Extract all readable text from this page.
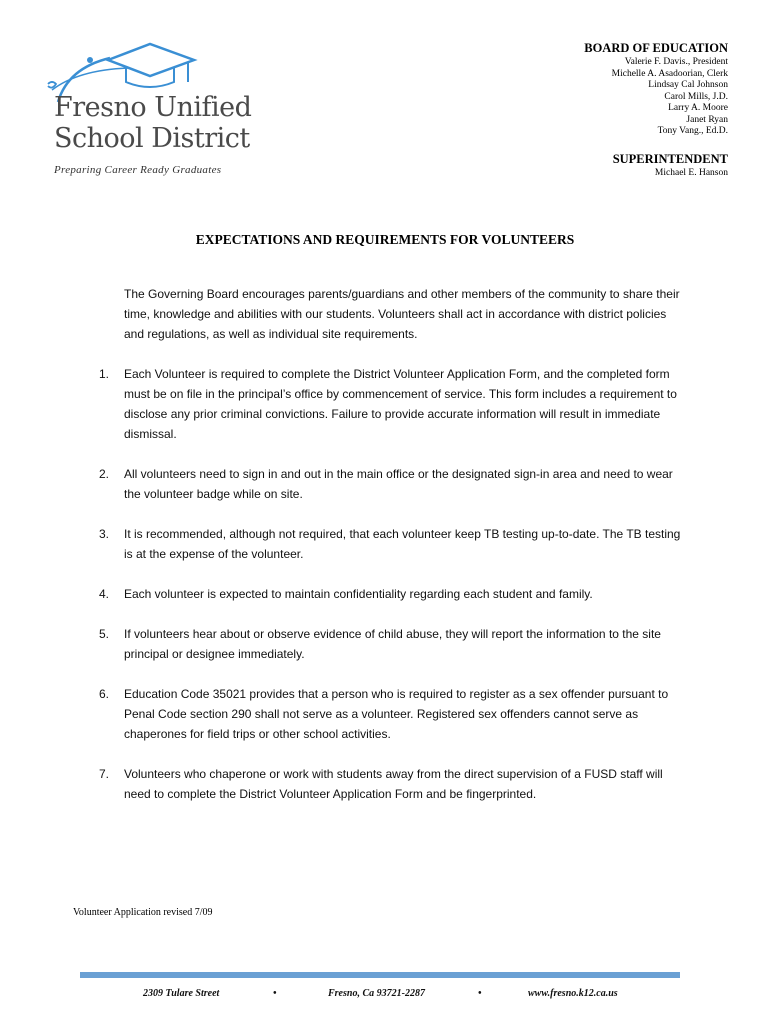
Fresno Unified
School District
Preparing Career Ready Graduates
BOARD OF EDUCATION
Valerie F. Davis., President
Michelle A. Asadoorian, Clerk
Lindsay Cal Johnson
Carol Mills, J.D.
Larry A. Moore
Janet Ryan
Tony Vang., Ed.D.
SUPERINTENDENT
Michael E. Hanson
EXPECTATIONS AND REQUIREMENTS FOR VOLUNTEERS

The Governing Board encourages parents/guardians and other members of the community to share their time, knowledge and abilities with our students. Volunteers shall act in accordance with district policies and regulations, as well as individual site requirements.

1. Each Volunteer is required to complete the District Volunteer Application Form, and the completed form must be on file in the principal’s office by commencement of service. This form includes a requirement to disclose any prior criminal convictions. Failure to provide accurate information will result in immediate dismissal.
2. All volunteers need to sign in and out in the main office or the designated sign-in area and need to wear the volunteer badge while on site.
3. It is recommended, although not required, that each volunteer keep TB testing up-to-date. The TB testing is at the expense of the volunteer.
4. Each volunteer is expected to maintain confidentiality regarding each student and family.
5. If volunteers hear about or observe evidence of child abuse, they will report the information to the site principal or designee immediately.
6. Education Code 35021 provides that a person who is required to register as a sex offender pursuant to Penal Code section 290 shall not serve as a volunteer. Registered sex offenders cannot serve as chaperones for field trips or other school activities.
7. Volunteers who chaperone or work with students away from the direct supervision of a FUSD staff will need to complete the District Volunteer Application Form and be fingerprinted.
Volunteer Application revised 7/09
2309 Tulare Street	•	Fresno, Ca 93721-2287	•	www.fresno.k12.ca.us
